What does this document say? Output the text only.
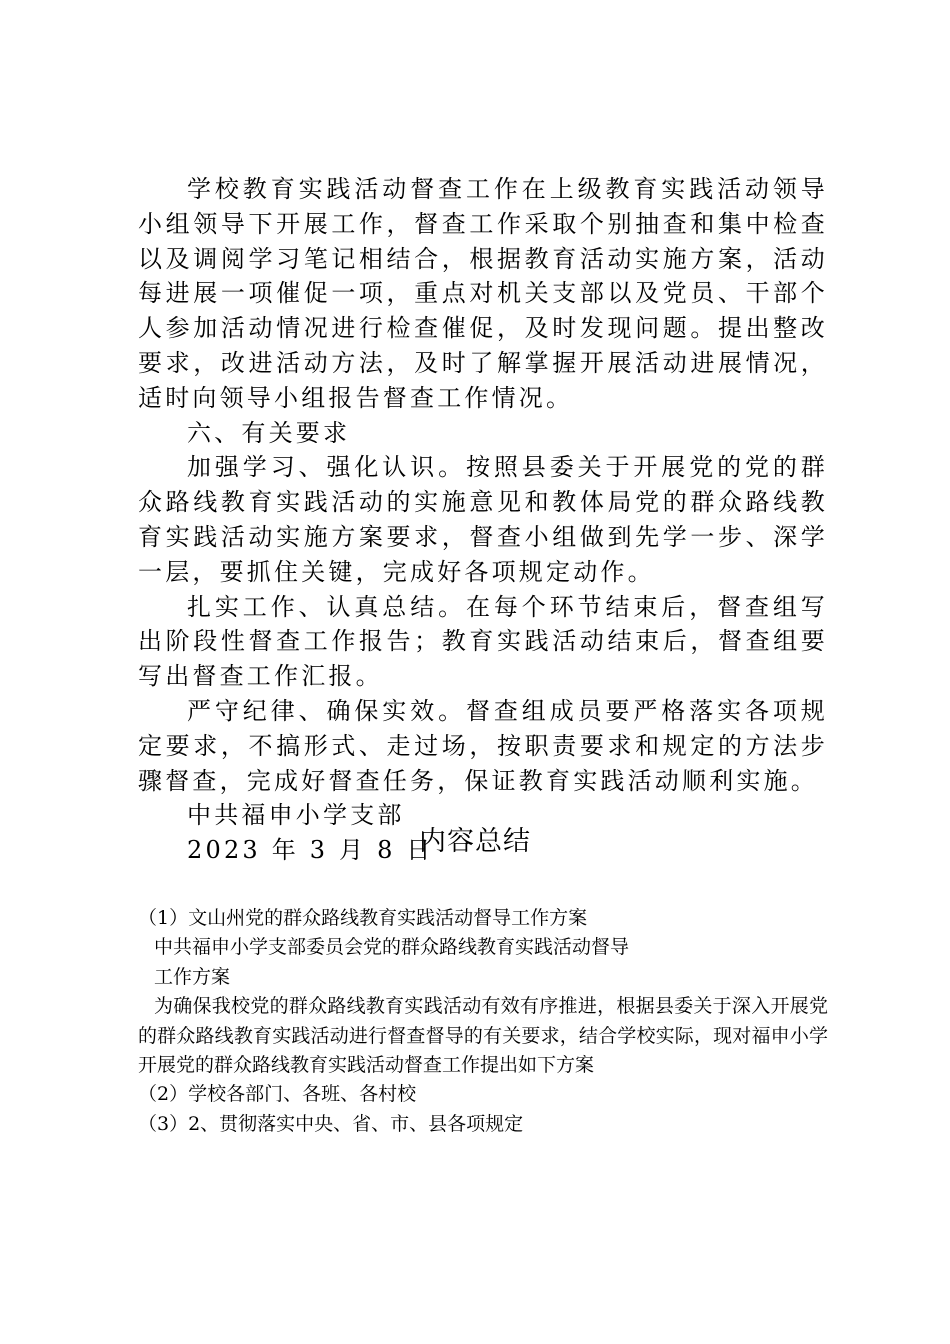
学校教育实践活动督查工作在上级教育实践活动领导小组领导下开展工作，督查工作采取个别抽查和集中检查以及调阅学习笔记相结合，根据教育活动实施方案，活动每进展一项催促一项，重点对机关支部以及党员、干部个人参加活动情况进行检查催促，及时发现问题。提出整改要求，改进活动方法，及时了解掌握开展活动进展情况，适时向领导小组报告督查工作情况。

六、有关要求

加强学习、强化认识。按照县委关于开展党的党的群众路线教育实践活动的实施意见和教体局党的群众路线教育实践活动实施方案要求，督查小组做到先学一步、深学一层，要抓住关键，完成好各项规定动作。

扎实工作、认真总结。在每个环节结束后，督查组写出阶段性督查工作报告；教育实践活动结束后，督查组要写出督查工作汇报。

严守纪律、确保实效。督查组成员要严格落实各项规定要求，不搞形式、走过场，按职责要求和规定的方法步骤督查，完成好督查任务，保证教育实践活动顺利实施。

中共福申小学支部

2023 年 3 月 8 日

内容总结

（1）文山州党的群众路线教育实践活动督导工作方案

中共福申小学支部委员会党的群众路线教育实践活动督导

工作方案

为确保我校党的群众路线教育实践活动有效有序推进，根据县委关于深入开展党的群众路线教育实践活动进行督查督导的有关要求，结合学校实际，现对福申小学开展党的群众路线教育实践活动督查工作提出如下方案

（2）学校各部门、各班、各村校

（3）2、贯彻落实中央、省、市、县各项规定
